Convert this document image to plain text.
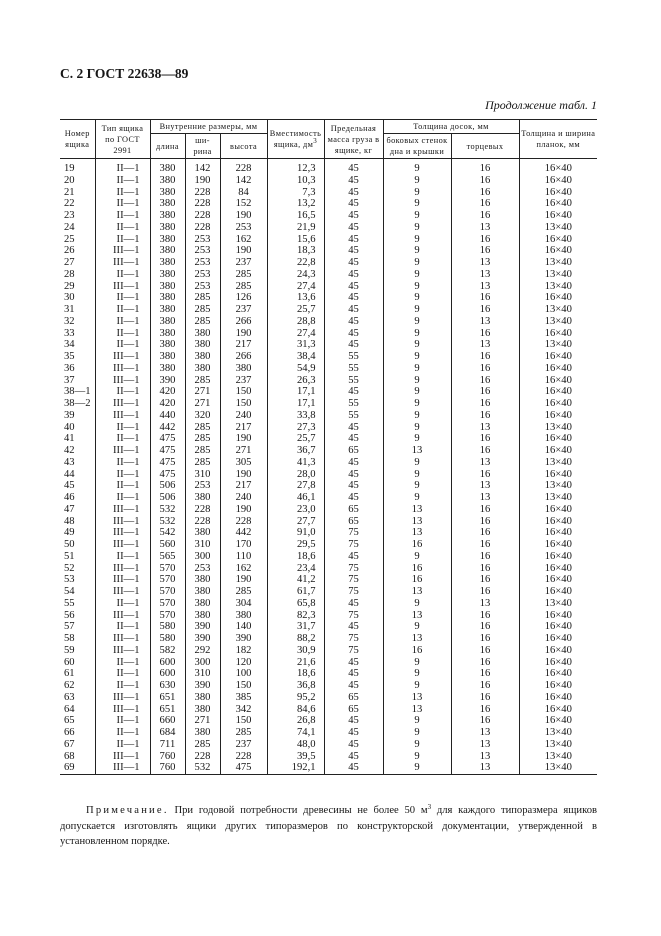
С. 2 ГОСТ 22638—89
Продолжение табл. 1
Номер ящика	Тип ящика по ГОСТ 2991	Внутренние размеры, мм			Вместимость ящика, $дм^3$	Предельная масса груза в ящике, кг	Толщина досок, мм		Толщина и ширина планок, мм
		длина	ши-рина	высота			боковых стенок дна и крышки	торцевых	

19	II—1	380	142	228	12,3	45	9	16	16×40
20	II—1	380	190	142	10,3	45	9	16	16×40
21	II—1	380	228	84	7,3	45	9	16	16×40
22	II—1	380	228	152	13,2	45	9	16	16×40
23	II—1	380	228	190	16,5	45	9	16	16×40
24	II—1	380	228	253	21,9	45	9	13	13×40
25	II—1	380	253	162	15,6	45	9	16	16×40
26	III—1	380	253	190	18,3	45	9	16	16×40
27	III—1	380	253	237	22,8	45	9	13	13×40
28	II—1	380	253	285	24,3	45	9	13	13×40
29	III—1	380	253	285	27,4	45	9	13	13×40
30	II—1	380	285	126	13,6	45	9	16	16×40
31	II—1	380	285	237	25,7	45	9	16	13×40
32	II—1	380	285	266	28,8	45	9	13	13×40
33	II—1	380	380	190	27,4	45	9	16	16×40
34	II—1	380	380	217	31,3	45	9	13	13×40
35	III—1	380	380	266	38,4	55	9	16	16×40
36	III—1	380	380	380	54,9	55	9	16	16×40
37	III—1	390	285	237	26,3	55	9	16	16×40
38—1	II—1	420	271	150	17,1	45	9	16	16×40
38—2	III—1	420	271	150	17,1	55	9	16	16×40
39	III—1	440	320	240	33,8	55	9	16	16×40
40	II—1	442	285	217	27,3	45	9	13	13×40
41	II—1	475	285	190	25,7	45	9	16	16×40
42	III—1	475	285	271	36,7	65	13	16	16×40
43	II—1	475	285	305	41,3	45	9	13	13×40
44	II—1	475	310	190	28,0	45	9	16	16×40
45	II—1	506	253	217	27,8	45	9	13	13×40
46	II—1	506	380	240	46,1	45	9	13	13×40
47	III—1	532	228	190	23,0	65	13	16	16×40
48	III—1	532	228	228	27,7	65	13	16	16×40
49	III—1	542	380	442	91,0	75	13	16	16×40
50	III—1	560	310	170	29,5	75	16	16	16×40
51	II—1	565	300	110	18,6	45	9	16	16×40
52	III—1	570	253	162	23,4	75	16	16	16×40
53	III—1	570	380	190	41,2	75	16	16	16×40
54	III—1	570	380	285	61,7	75	13	16	16×40
55	II—1	570	380	304	65,8	45	9	13	13×40
56	III—1	570	380	380	82,3	75	13	16	16×40
57	II—1	580	390	140	31,7	45	9	16	16×40
58	III—1	580	390	390	88,2	75	13	16	16×40
59	III—1	582	292	182	30,9	75	16	16	16×40
60	II—1	600	300	120	21,6	45	9	16	16×40
61	II—1	600	310	100	18,6	45	9	16	16×40
62	II—1	630	390	150	36,8	45	9	16	16×40
63	III—1	651	380	385	95,2	65	13	16	16×40
64	III—1	651	380	342	84,6	65	13	16	16×40
65	II—1	660	271	150	26,8	45	9	16	16×40
66	II—1	684	380	285	74,1	45	9	13	13×40
67	II—1	711	285	237	48,0	45	9	13	13×40
68	III—1	760	228	228	39,5	45	9	13	13×40
69	III—1	760	532	475	192,1	45	9	13	13×40
Примечание. При годовой потребности древесины не более 50 $м^3$ для каждого типоразмера ящиков допускается изготовлять ящики других типоразмеров по конструкторской документации, утвержденной в установленном порядке.
